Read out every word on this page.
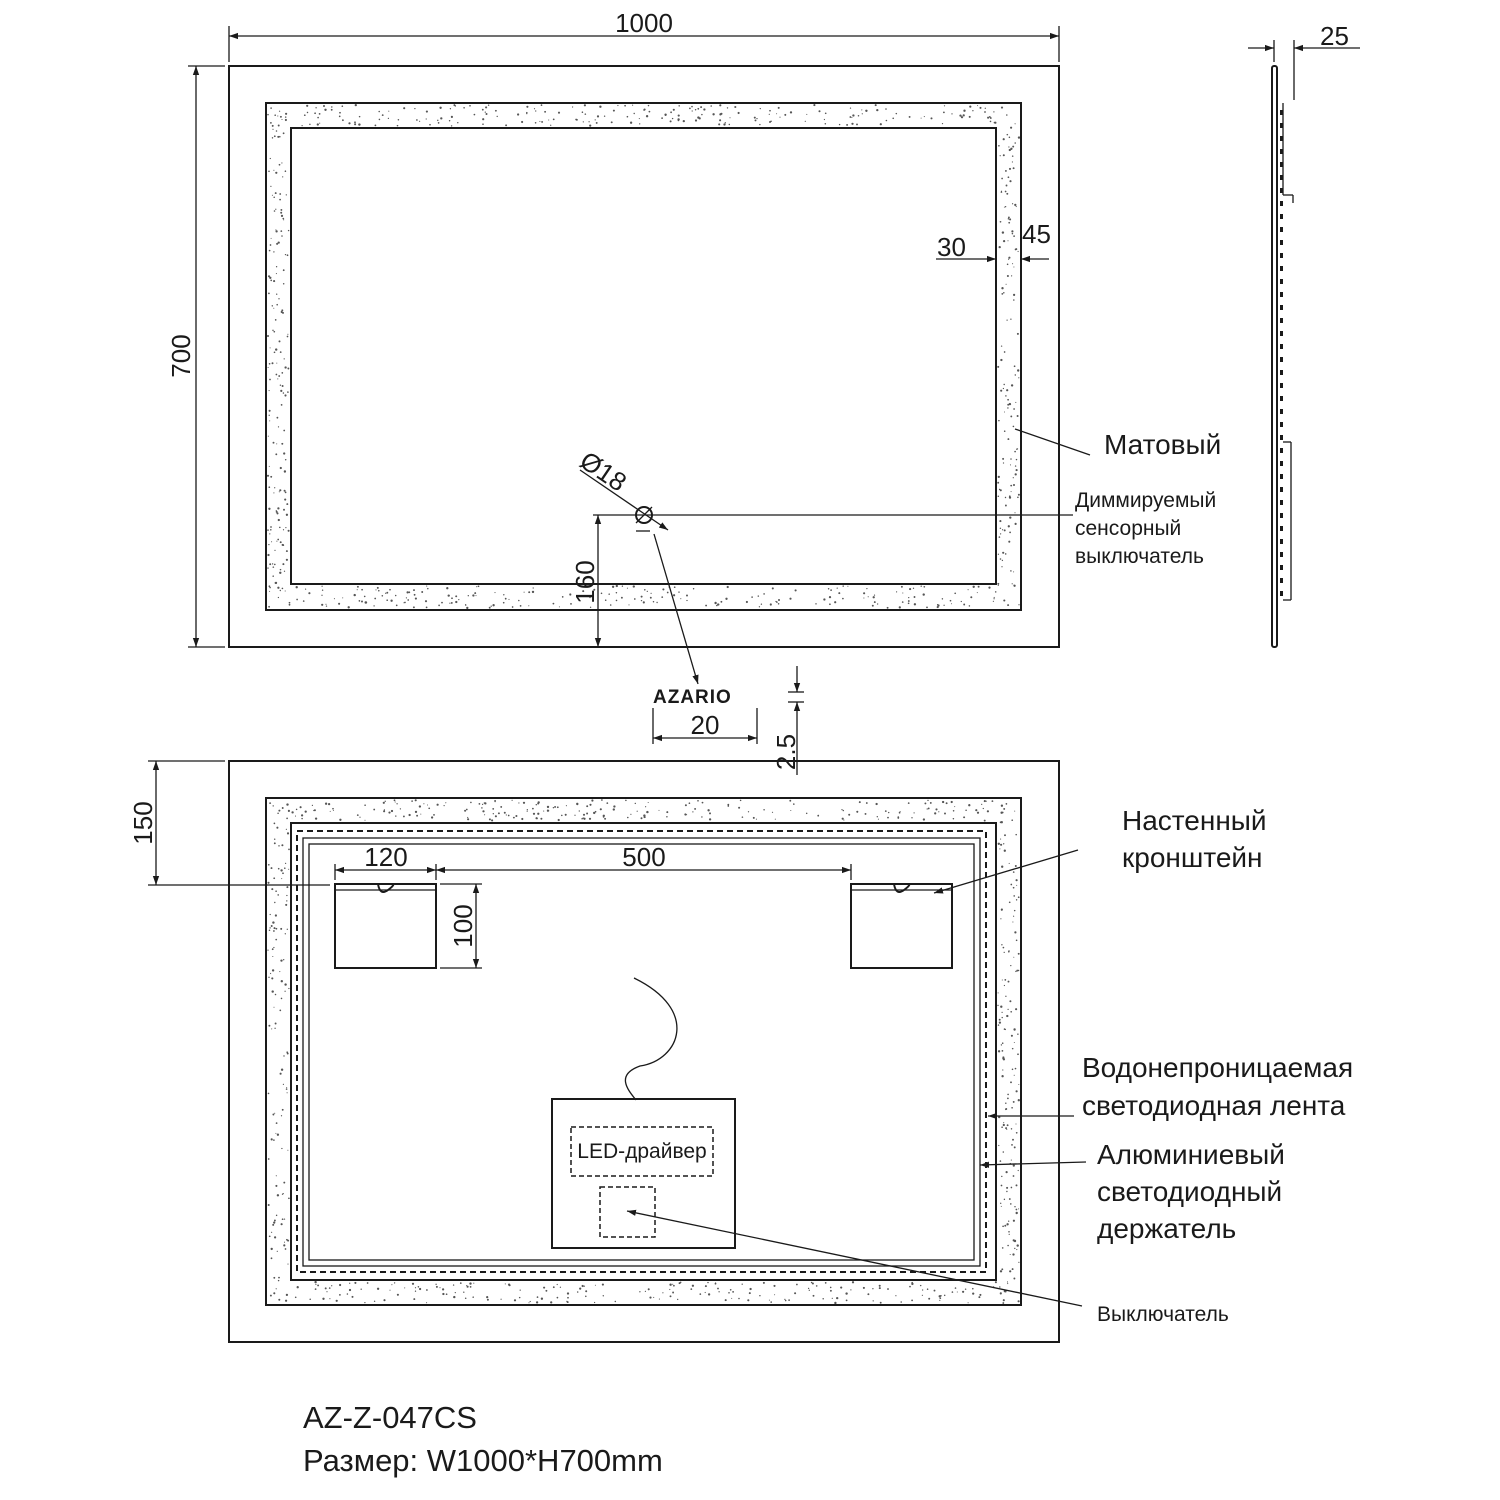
1000
700
30 45
160
Ø18
Матовый
Диммируемый
сенсорный
выключатель
25
AZARIO
20
2.5
150
120	500
100
LED-драйвер
Настенный
кронштейн
Водонепроницаемая
светодиодная лента
Алюминиевый
светодиодный
держатель
Выключатель
AZ-Z-047CS
Размер: W1000*H700mm
